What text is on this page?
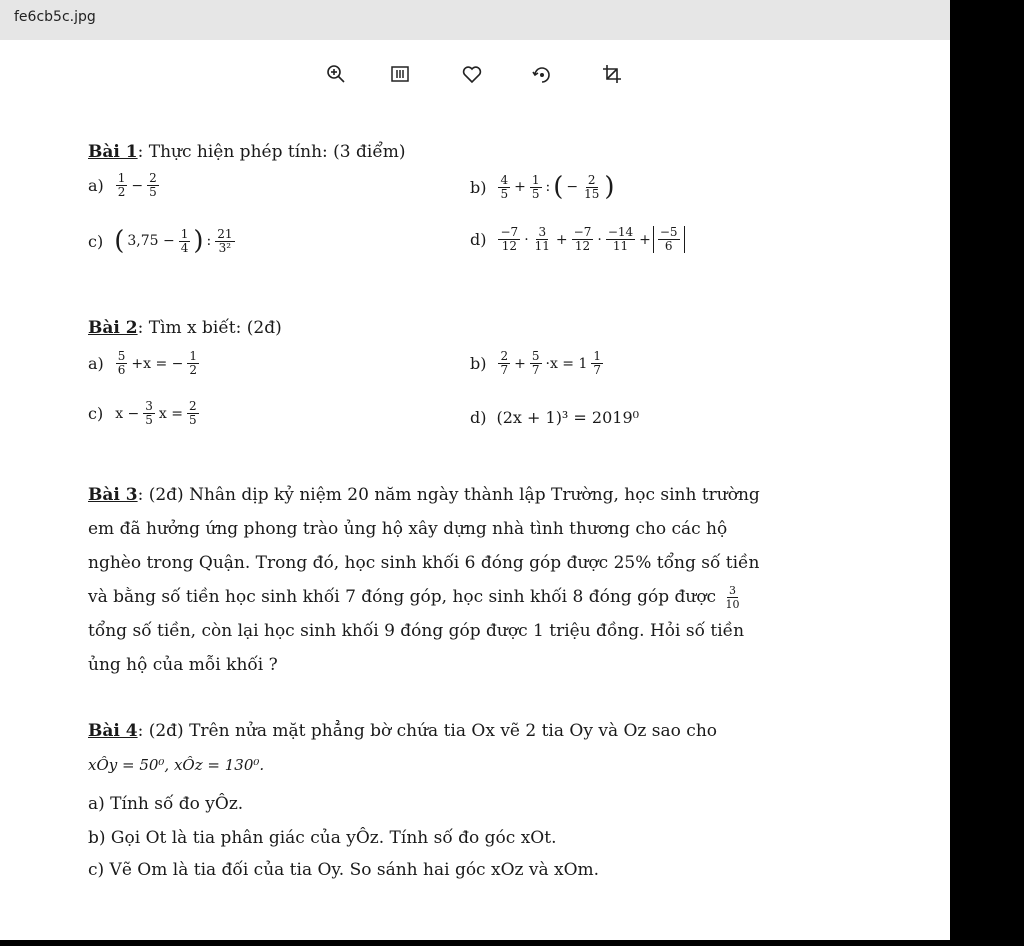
fe6cb5c.jpg
Bài 1: Thực hiện phép tính: (3 điểm)
$a) \frac{1}{2} - \frac{2}{5}$	$b) \frac{4}{5} + \frac{1}{5}$ : ( − $\frac{2}{15}$ )
c) ( $3,75 - \frac{1}{4}$ ) : $\frac{21}{\text{3²}}$	$d) \frac{-7}{12} \cdot \frac{3}{11} + \frac{-7}{12} \cdot \frac{-14}{11} + \frac{-5}{6}$
Bài 2: Tìm x biết: (2đ)
$a) \frac{5}{6} +x$ = − $\frac{1}{2}$	$b) \frac{2}{7} + \frac{5}{7} \cdot x = 1 \frac{1}{7}$
c) $x - \frac{3}{5}$ $x = \frac{2}{5}$	d) (2x + 1)³ = 2019⁰
Bài 3: (2đ) Nhân dịp kỷ niệm 20 năm ngày thành lập Trường, học sinh trường
em đã hưởng ứng phong trào ủng hộ xây dựng nhà tình thương cho các hộ
nghèo trong Quận. Trong đó, học sinh khối 6 đóng góp được 25% tổng số tiền
và bằng số tiền học sinh khối 7 đóng góp, học sinh khối 8 đóng góp được $\frac{3}{10}$
tổng số tiền, còn lại học sinh khối 9 đóng góp được 1 triệu đồng. Hỏi số tiền
ủng hộ của mỗi khối ?
Bài 4: (2đ) Trên nửa mặt phẳng bờ chứa tia Ox vẽ 2 tia Oy và Oz sao cho
xÔy = 50⁰, xÔz = 130⁰.
a) Tính số đo yÔz.
b) Gọi Ot là tia phân giác của yÔz. Tính số đo góc xOt.
c) Vẽ Om là tia đối của tia Oy. So sánh hai góc xOz và xOm.
